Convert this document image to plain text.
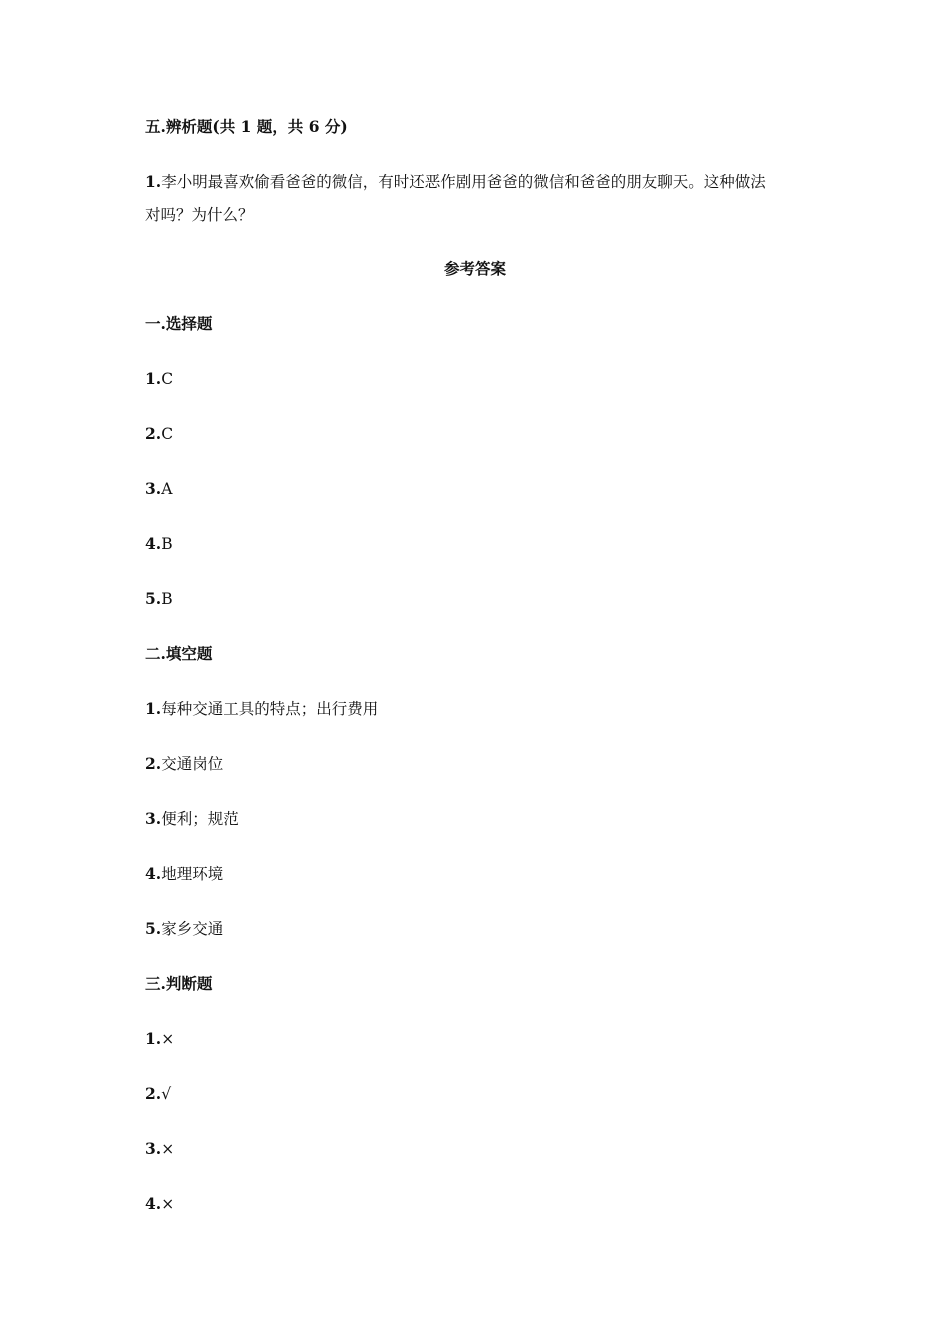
五.辨析题(共 1 题，共 6 分)
1.李小明最喜欢偷看爸爸的微信，有时还恶作剧用爸爸的微信和爸爸的朋友聊天。这种做法
对吗？为什么？
参考答案
一.选择题
1.C
2.C
3.A
4.B
5.B
二.填空题
1.每种交通工具的特点；出行费用
2.交通岗位
3.便利；规范
4.地理环境
5.家乡交通
三.判断题
1.×
2.√
3.×
4.×
